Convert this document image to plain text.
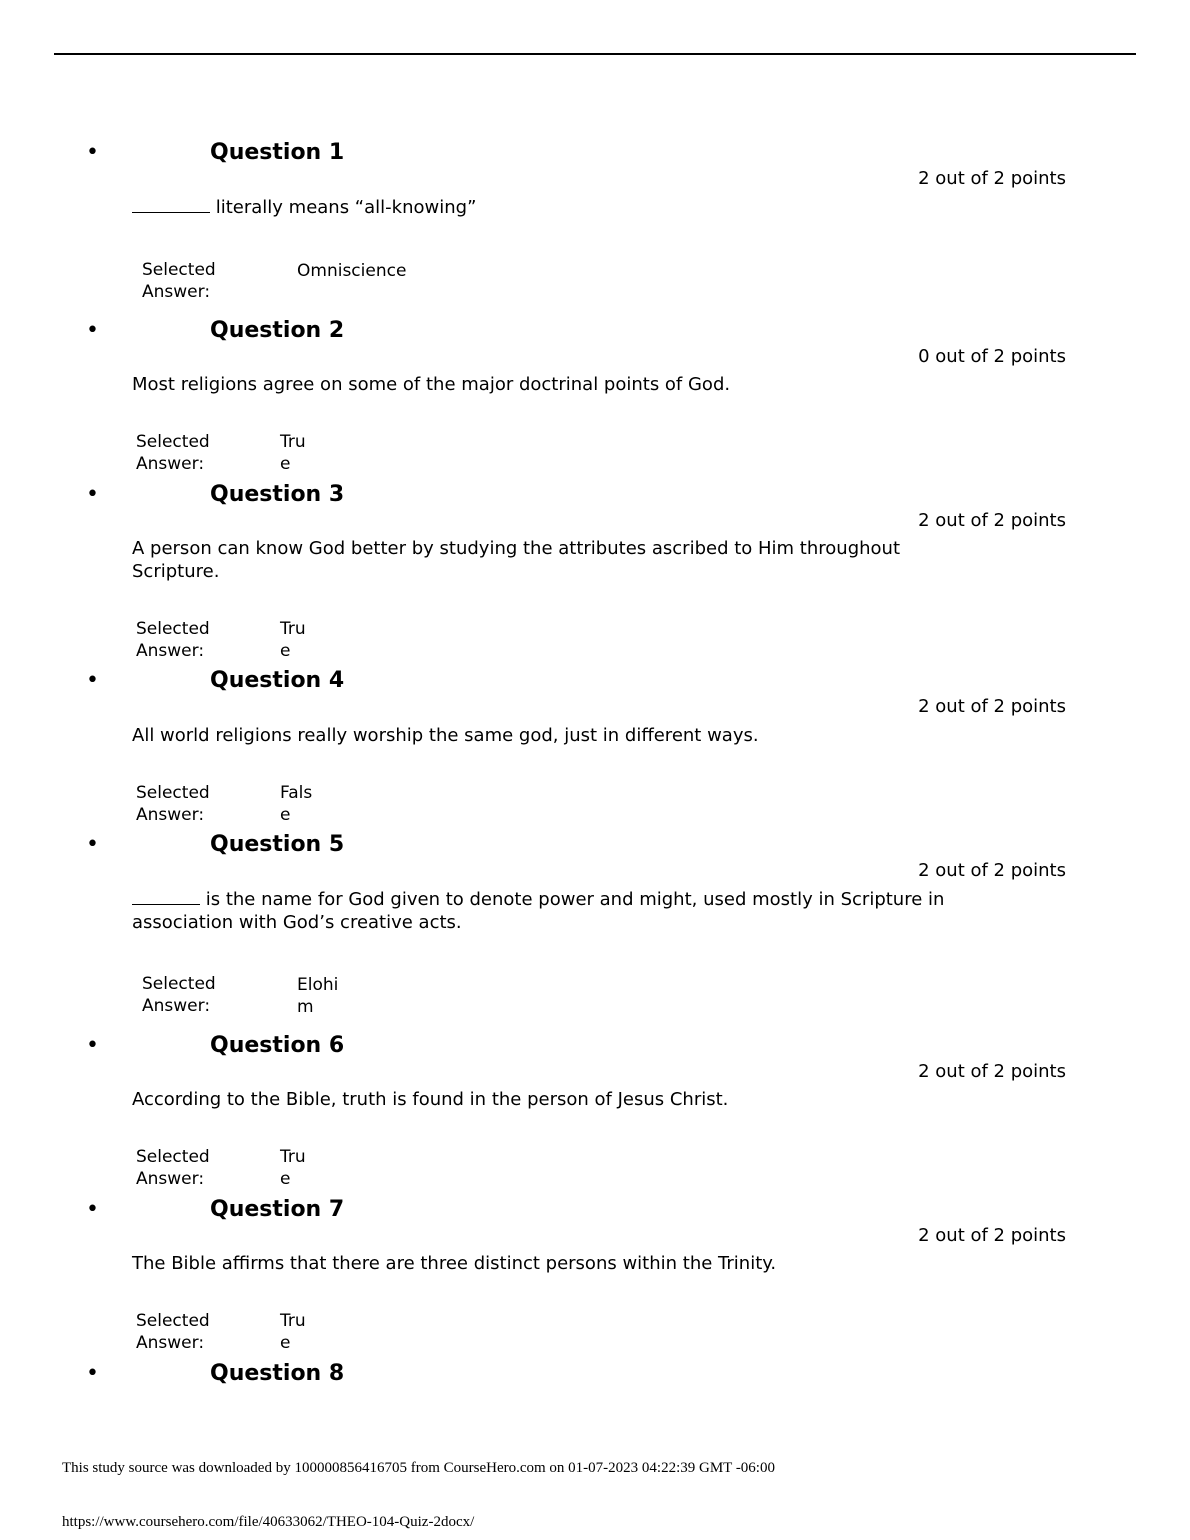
•	Question 1
2 out of 2 points
literally means “all-knowing”
Selected Answer:
Omniscience
•	Question 2
0 out of 2 points
Most religions agree on some of the major doctrinal points of God.
Selected Answer:
True
•	Question 3
2 out of 2 points
A person can know God better by studying the attributes ascribed to Him throughout Scripture.
Selected Answer:
True
•	Question 4
2 out of 2 points
All world religions really worship the same god, just in different ways.
Selected Answer:
False
•	Question 5
2 out of 2 points
is the name for God given to denote power and might, used mostly in Scripture in association with God’s creative acts.
Selected Answer:
Elohim
•	Question 6
2 out of 2 points
According to the Bible, truth is found in the person of Jesus Christ.
Selected Answer:
True
•	Question 7
2 out of 2 points
The Bible affirms that there are three distinct persons within the Trinity.
Selected Answer:
True
•	Question 8
This study source was downloaded by 100000856416705 from CourseHero.com on 01-07-2023 04:22:39 GMT -06:00
https://www.coursehero.com/file/40633062/THEO-104-Quiz-2docx/
